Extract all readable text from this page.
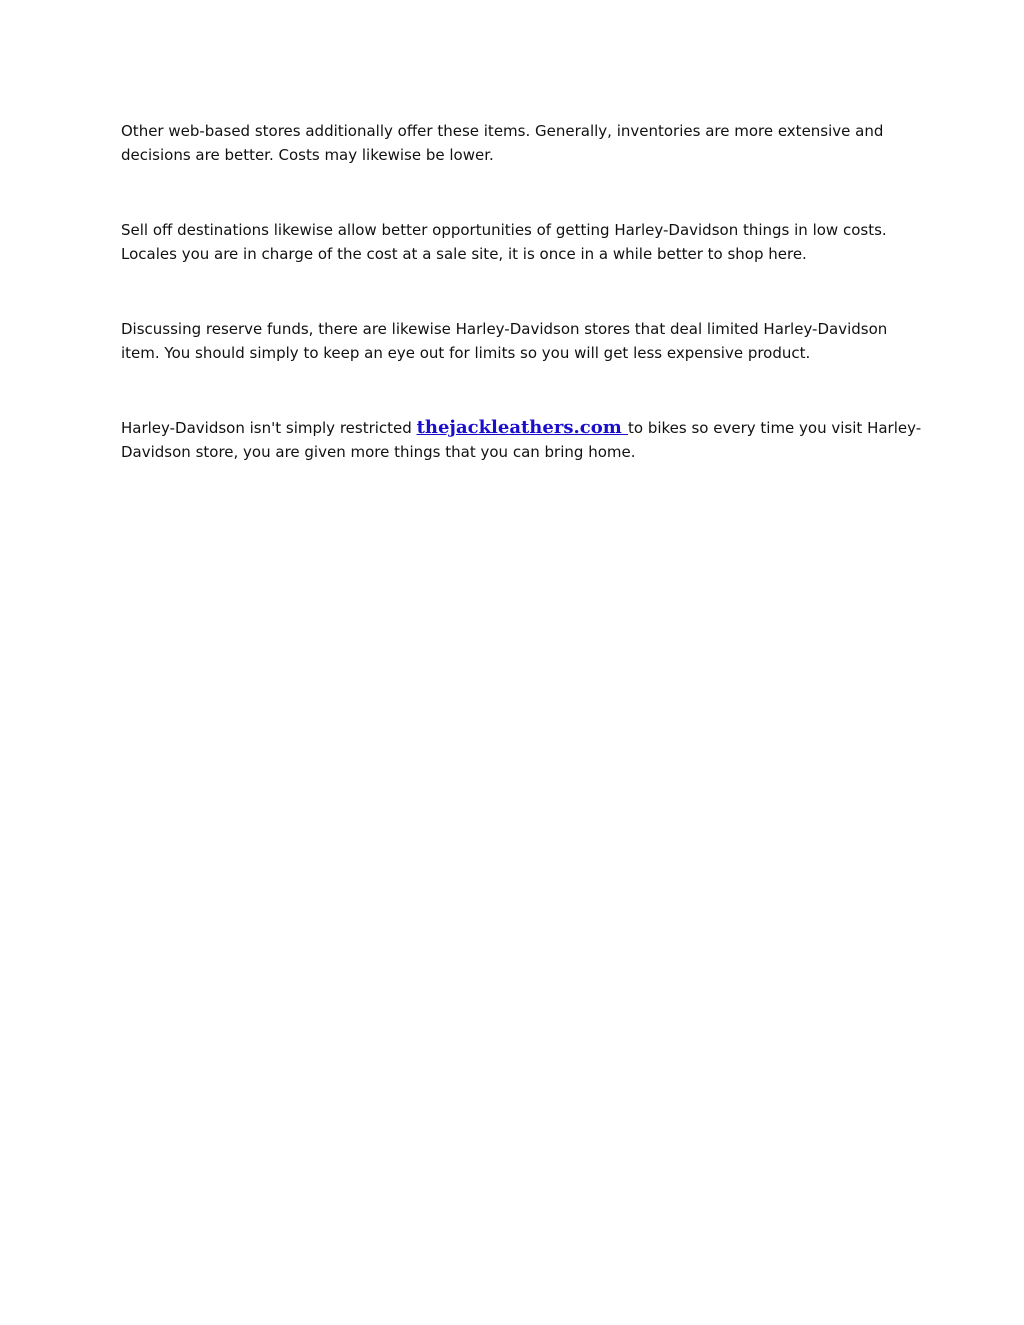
Other web-based stores additionally offer these items. Generally, inventories are more extensive and
decisions are better. Costs may likewise be lower.

Sell off destinations likewise allow better opportunities of getting Harley-Davidson things in low costs.
Locales you are in charge of the cost at a sale site, it is once in a while better to shop here.

Discussing reserve funds, there are likewise Harley-Davidson stores that deal limited Harley-Davidson
item. You should simply to keep an eye out for limits so you will get less expensive product.

Harley-Davidson isn't simply restricted thejackleathers.com to bikes so every time you visit Harley-
Davidson store, you are given more things that you can bring home.
